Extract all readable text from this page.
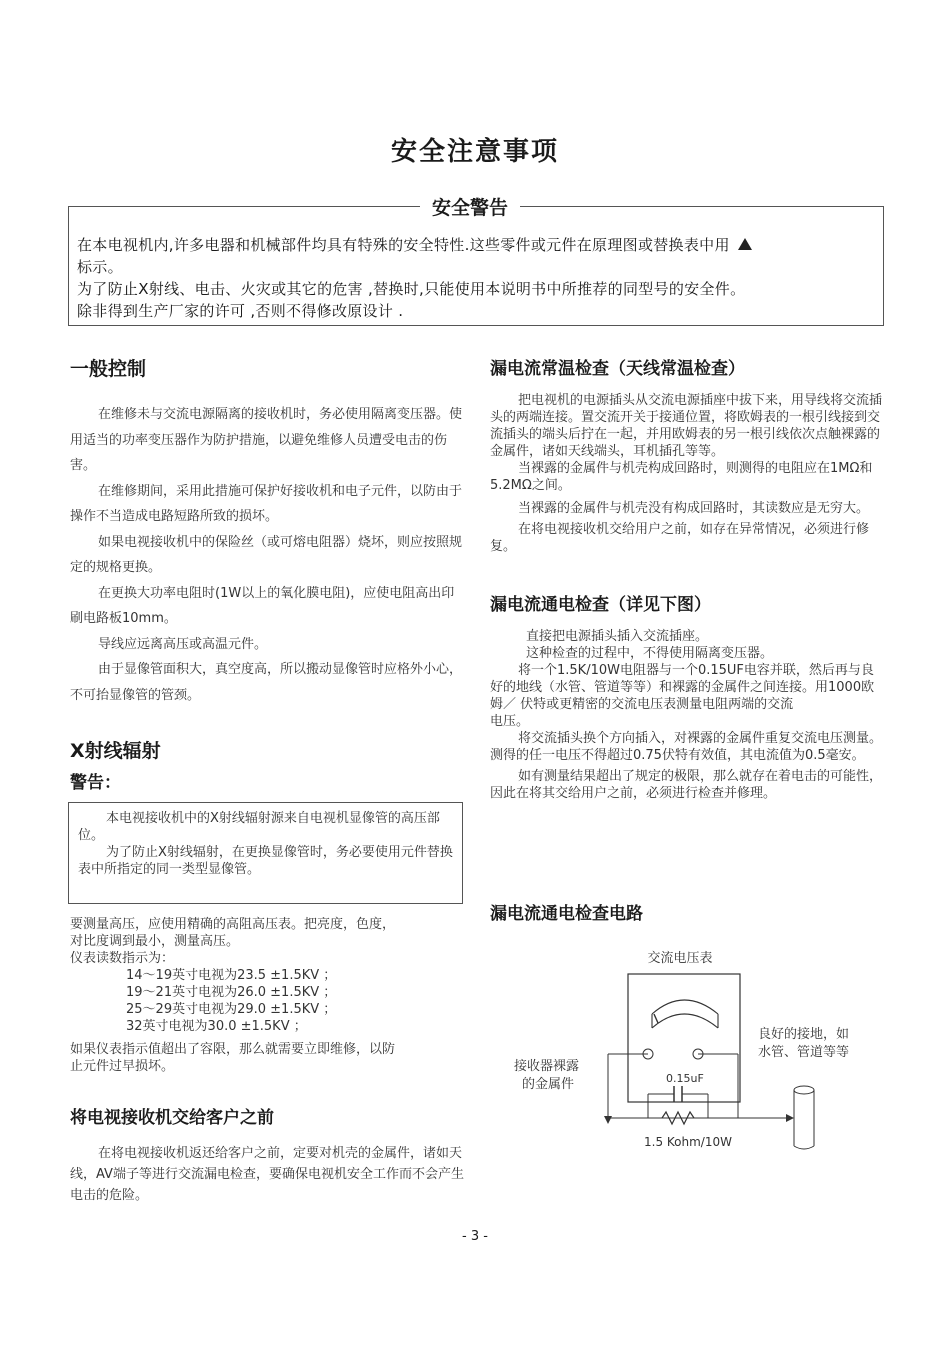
安全注意事项
安全警告

在本电视机内,许多电器和机械部件均具有特殊的安全特性.这些零件或元件在原理图或替换表中用

标示。

为了防止X射线、电击、火灾或其它的危害 ,替换时,只能使用本说明书中所推荐的同型号的安全件。

除非得到生产厂家的许可 ,否则不得修改原设计 .

一般控制

在维修未与交流电源隔离的接收机时，务必使用隔离变压器。使用适当的功率变压器作为防护措施，以避免维修人员遭受电击的伤害。

在维修期间，采用此措施可保护好接收机和电子元件，以防由于操作不当造成电路短路所致的损坏。

如果电视接收机中的保险丝（或可熔电阻器）烧坏，则应按照规定的规格更换。

在更换大功率电阻时(1W以上的氧化膜电阻)，应使电阻高出印刷电路板10mm。

导线应远离高压或高温元件。

由于显像管面积大，真空度高，所以搬动显像管时应格外小心，不可抬显像管的管颈。

X射线辐射
警告：

本电视接收机中的X射线辐射源来自电视机显像管的高压部位。

为了防止X射线辐射，在更换显像管时，务必要使用元件替换表中所指定的同一类型显像管。

要测量高压，应使用精确的高阻高压表。把亮度，色度，

对比度调到最小，测量高压。

仪表读数指示为：

14～19英寸电视为23.5 ±1.5KV ；

19～21英寸电视为26.0 ±1.5KV ；

25～29英寸电视为29.0 ±1.5KV ；

32英寸电视为30.0 ±1.5KV ；

如果仪表指示值超出了容限，那么就需要立即维修，以防

止元件过早损坏。

将电视接收机交给客户之前

在将电视接收机返还给客户之前，定要对机壳的金属件，诸如天线，AV端子等进行交流漏电检查，要确保电视机安全工作而不会产生电击的危险。

漏电流常温检查（天线常温检查）

把电视机的电源插头从交流电源插座中拔下来，用导线将交流插头的两端连接。置交流开关于接通位置，将欧姆表的一根引线接到交流插头的端头后拧在一起，并用欧姆表的另一根引线依次点触裸露的金属件，诸如天线端头，耳机插孔等等。

当裸露的金属件与机壳构成回路时，则测得的电阻应在1MΩ和5.2MΩ之间。

当裸露的金属件与机壳没有构成回路时，其读数应是无穷大。

在将电视接收机交给用户之前，如存在异常情况，必须进行修复。

漏电流通电检查（详见下图）

直接把电源插头插入交流插座。

这种检查的过程中，不得使用隔离变压器。

将一个1.5K/10W电阻器与一个0.15UF电容并联，然后再与良好的地线（水管、管道等等）和裸露的金属件之间连接。用1000欧姆／ 伏特或更精密的交流电压表测量电阻两端的交流

电压。

将交流插头换个方向插入，对裸露的金属件重复交流电压测量。测得的任一电压不得超过0.75伏特有效值，其电流值为0.5毫安。

如有测量结果超出了规定的极限，那么就存在着电击的可能性，因此在将其交给用户之前，必须进行检查并修理。

漏电流通电检查电路
交流电压表
良好的接地，如
水管、管道等等
接收器裸露
的金属件	0.15uF
1.5 Kohm/10W
- 3 -
